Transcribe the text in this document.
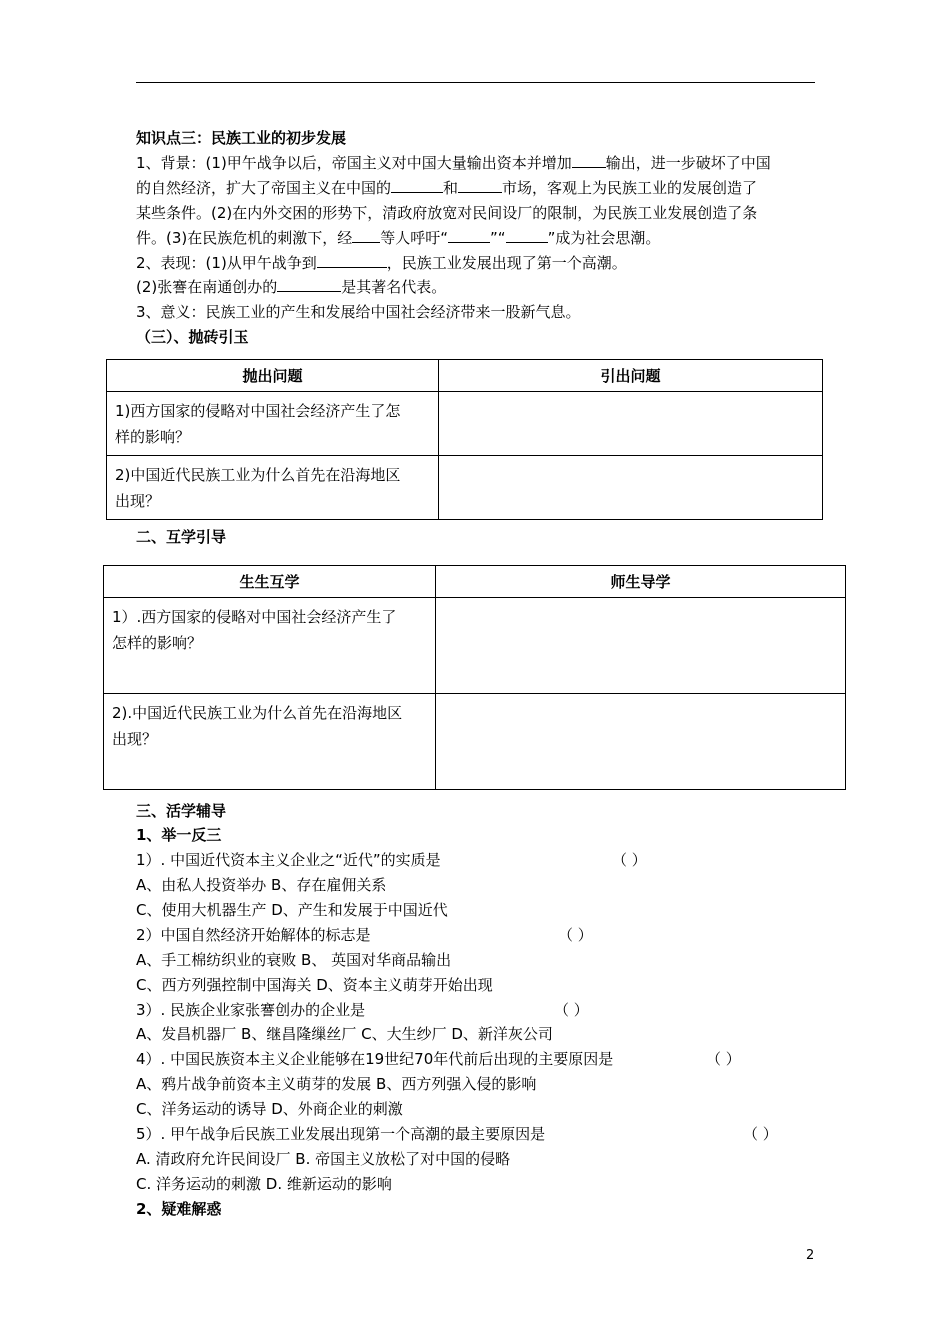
知识点三：民族工业的初步发展
1、背景：(1)甲午战争以后，帝国主义对中国大量输出资本并增加 输出，进一步破坏了中国
的自然经济，扩大了帝国主义在中国的	和	市场，客观上为民族工业的发展创造了
某些条件。(2)在内外交困的形势下，清政府放宽对民间设厂的限制，为民族工业发展创造了条
件。(3)在民族危机的刺激下，经 等人呼吁“	”“	”成为社会思潮。
2、表现：(1)从甲午战争到	，民族工业发展出现了第一个高潮。
(2)张謇在南通创办的	是其著名代表。
3、意义：民族工业的产生和发展给中国社会经济带来一股新气息。
（三）、抛砖引玉
抛出问题	引出问题
1)西方国家的侵略对中国社会经济产生了怎
样的影响？	
2)中国近代民族工业为什么首先在沿海地区
出现？	
二、互学引导
生生互学	师生导学
1）.西方国家的侵略对中国社会经济产生了
怎样的影响？	
2).中国近代民族工业为什么首先在沿海地区
出现？	
三、活学辅导
1、举一反三
1）. 中国近代资本主义企业之“近代”的实质是	（ ）
A、由私人投资举办 B、存在雇佣关系
C、使用大机器生产 D、产生和发展于中国近代
2）中国自然经济开始解体的标志是	（ ）
A、手工棉纺织业的衰败 B、 英国对华商品输出
C、西方列强控制中国海关 D、资本主义萌芽开始出现
3）. 民族企业家张謇创办的企业是	（ ）
A、发昌机器厂 B、继昌隆缫丝厂 C、大生纱厂 D、新洋灰公司
4）. 中国民族资本主义企业能够在19世纪70年代前后出现的主要原因是	（ ）
A、鸦片战争前资本主义萌芽的发展 B、西方列强入侵的影响
C、洋务运动的诱导 D、外商企业的刺激
5）. 甲午战争后民族工业发展出现第一个高潮的最主要原因是	（ ）
A. 清政府允许民间设厂 B. 帝国主义放松了对中国的侵略
C. 洋务运动的刺激 D. 维新运动的影响
2、疑难解惑
2
